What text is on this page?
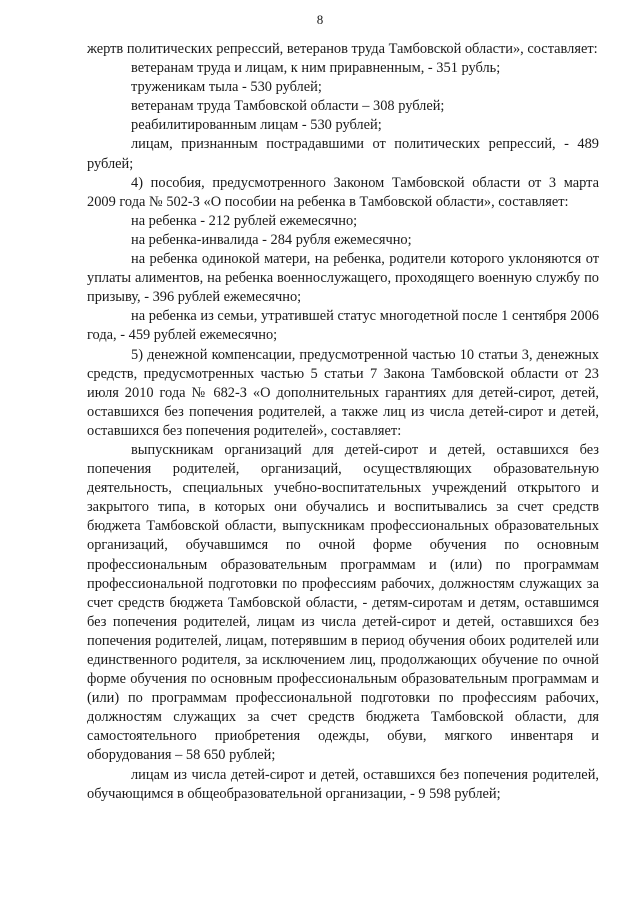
8

жертв политических репрессий, ветеранов труда Тамбовской области», составляет:

ветеранам труда и лицам, к ним приравненным, - 351 рубль;

труженикам тыла - 530 рублей;

ветеранам труда Тамбовской области – 308 рублей;

реабилитированным лицам - 530 рублей;

лицам, признанным пострадавшими от политических репрессий, - 489 рублей;

4) пособия, предусмотренного Законом Тамбовской области от 3 марта 2009 года № 502-З «О пособии на ребенка в Тамбовской области», составляет:

на ребенка - 212 рублей ежемесячно;

на ребенка-инвалида - 284 рубля ежемесячно;

на ребенка одинокой матери, на ребенка, родители которого уклоняются от уплаты алиментов, на ребенка военнослужащего, проходящего военную службу по призыву, - 396 рублей ежемесячно;

на ребенка из семьи, утратившей статус многодетной после 1 сентября 2006 года, - 459 рублей ежемесячно;

5) денежной компенсации, предусмотренной частью 10 статьи 3, денежных средств, предусмотренных частью 5 статьи 7 Закона Тамбовской области от 23 июля 2010 года № 682-З «О дополнительных гарантиях для детей-сирот, детей, оставшихся без попечения родителей, а также лиц из числа детей-сирот и детей, оставшихся без попечения родителей», составляет:

выпускникам организаций для детей-сирот и детей, оставшихся без попечения родителей, организаций, осуществляющих образовательную деятельность, специальных учебно-воспитательных учреждений открытого и закрытого типа, в которых они обучались и воспитывались за счет средств бюджета Тамбовской области, выпускникам профессиональных образовательных организаций, обучавшимся по очной форме обучения по основным профессиональным образовательным программам и (или) по программам профессиональной подготовки по профессиям рабочих, должностям служащих за счет средств бюджета Тамбовской области, - детям-сиротам и детям, оставшимся без попечения родителей, лицам из числа детей-сирот и детей, оставшихся без попечения родителей, лицам, потерявшим в период обучения обоих родителей или единственного родителя, за исключением лиц, продолжающих обучение по очной форме обучения по основным профессиональным образовательным программам и (или) по программам профессиональной подготовки по профессиям рабочих, должностям служащих за счет средств бюджета Тамбовской области, для самостоятельного приобретения одежды, обуви, мягкого инвентаря и оборудования – 58 650 рублей;

лицам из числа детей-сирот и детей, оставшихся без попечения родителей, обучающимся в общеобразовательной организации, - 9 598 рублей;
